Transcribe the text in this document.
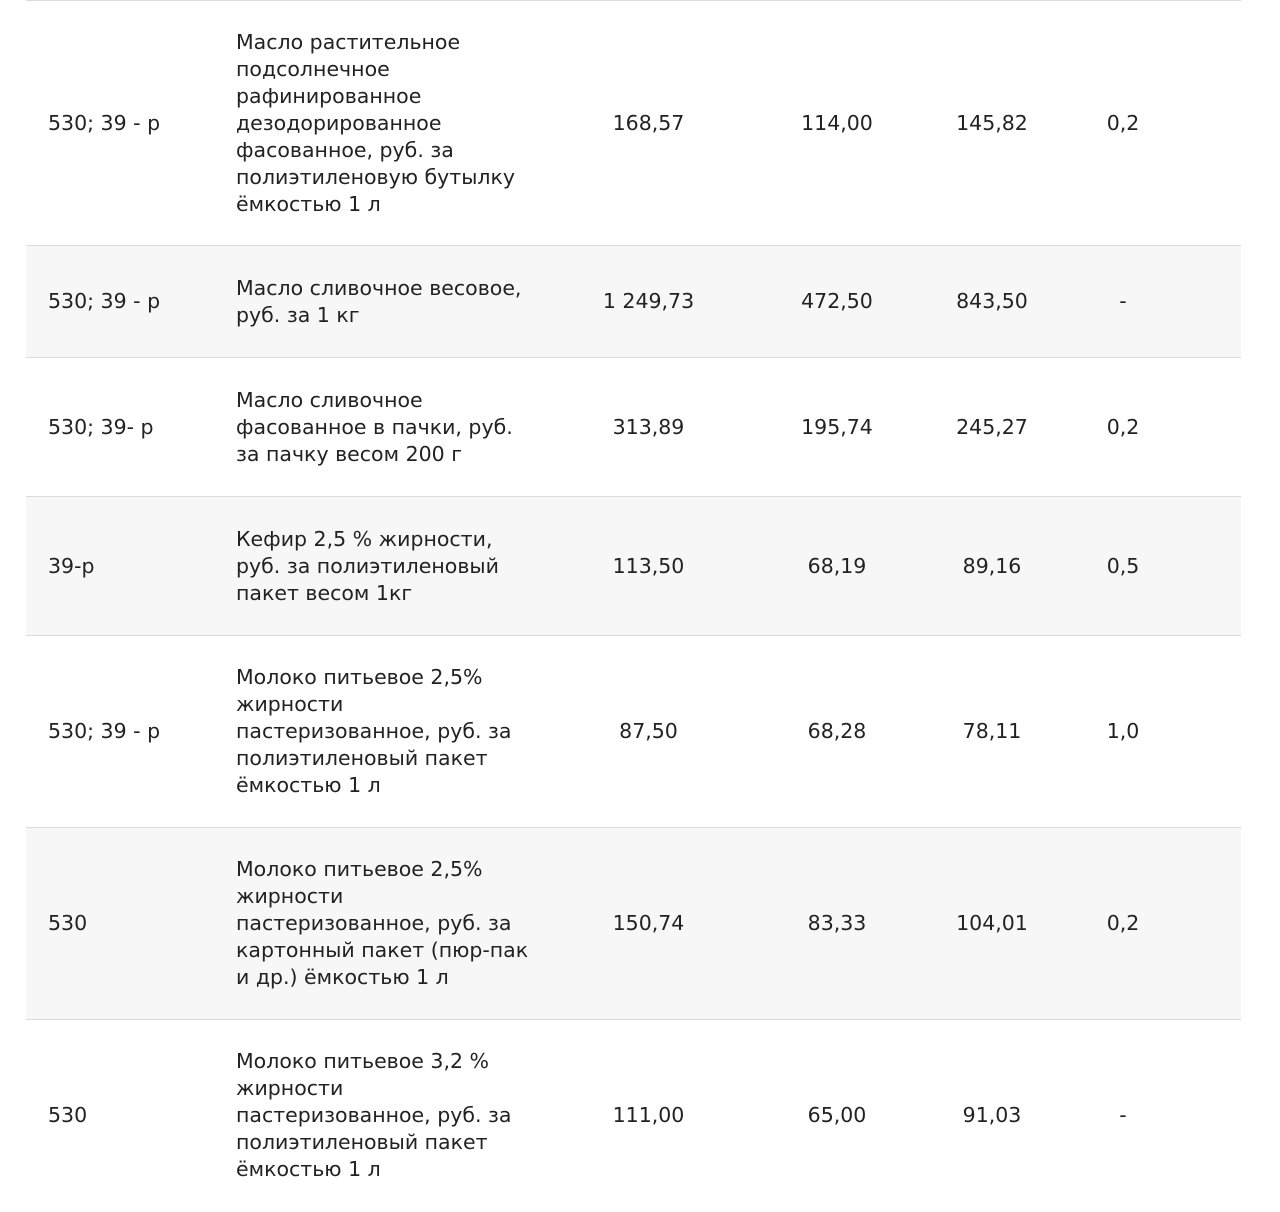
530; 39 - р	Масло растительное подсолнечное рафинированное дезодорированное фасованное, руб. за полиэтиленовую бутылку ёмкостью 1 л	168,57	114,00	145,82	0,2
530; 39 - р	Масло сливочное весовое, руб. за 1 кг	1 249,73	472,50	843,50	-
530; 39- р	Масло сливочное фасованное в пачки, руб. за пачку весом 200 г	313,89	195,74	245,27	0,2
39-р	Кефир 2,5 % жирности, руб. за полиэтиленовый пакет весом 1кг	113,50	68,19	89,16	0,5
530; 39 - р	Молоко питьевое 2,5% жирности пастеризованное, руб. за полиэтиленовый пакет ёмкостью 1 л	87,50	68,28	78,11	1,0
530	Молоко питьевое 2,5% жирности пастеризованное, руб. за картонный пакет (пюр-пак и др.) ёмкостью 1 л	150,74	83,33	104,01	0,2
530	Молоко питьевое 3,2 % жирности пастеризованное, руб. за полиэтиленовый пакет ёмкостью 1 л	111,00	65,00	91,03	-
